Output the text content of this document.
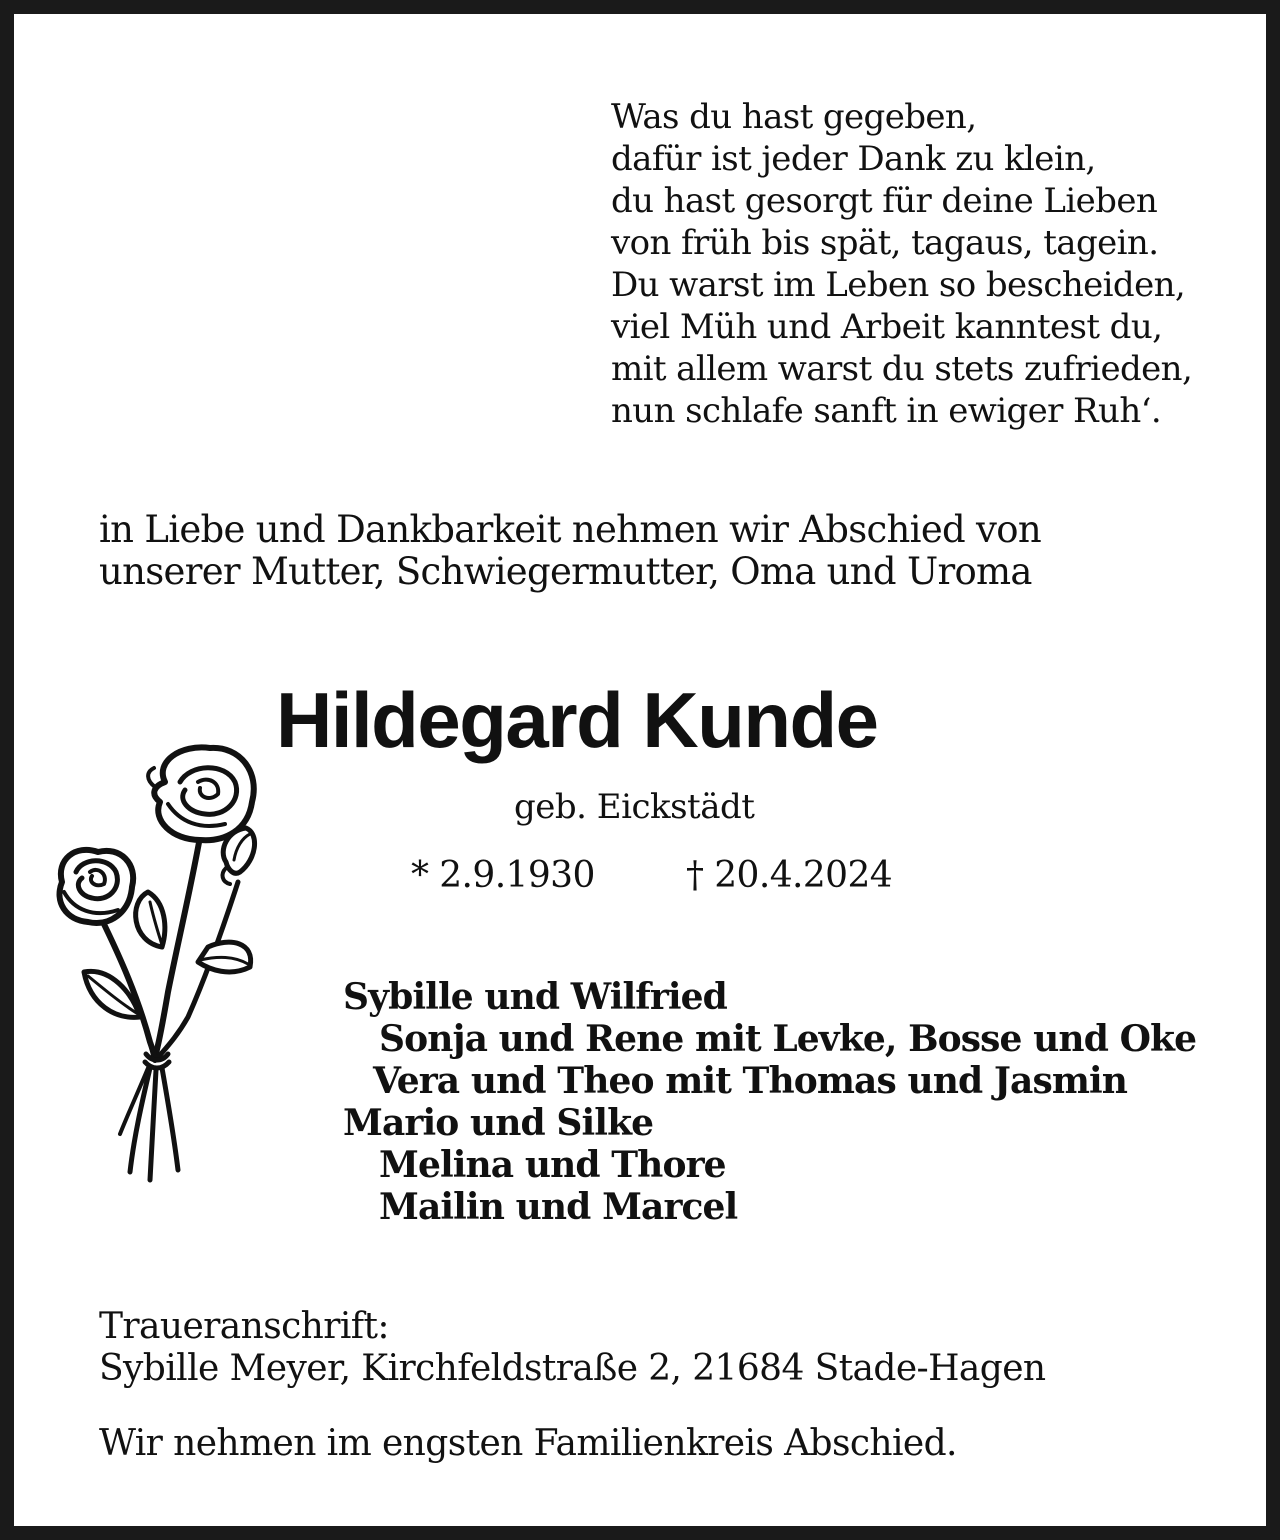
Was du hast gegeben,
dafür ist jeder Dank zu klein,
du hast gesorgt für deine Lieben
von früh bis spät, tagaus, tagein.
Du warst im Leben so bescheiden,
viel Müh und Arbeit kanntest du,
mit allem warst du stets zufrieden,
nun schlafe sanft in ewiger Ruh‘.
in Liebe und Dankbarkeit nehmen wir Abschied von
unserer Mutter, Schwiegermutter, Oma und Uroma
Hildegard Kunde
geb. Eickstädt
* 2.9.1930	† 20.4.2024
Sybille und Wilfried
Sonja und Rene mit Levke, Bosse und Oke
Vera und Theo mit Thomas und Jasmin
Mario und Silke
Melina und Thore
Mailin und Marcel
Traueranschrift:
Sybille Meyer, Kirchfeldstraße 2, 21684 Stade-Hagen
Wir nehmen im engsten Familienkreis Abschied.
